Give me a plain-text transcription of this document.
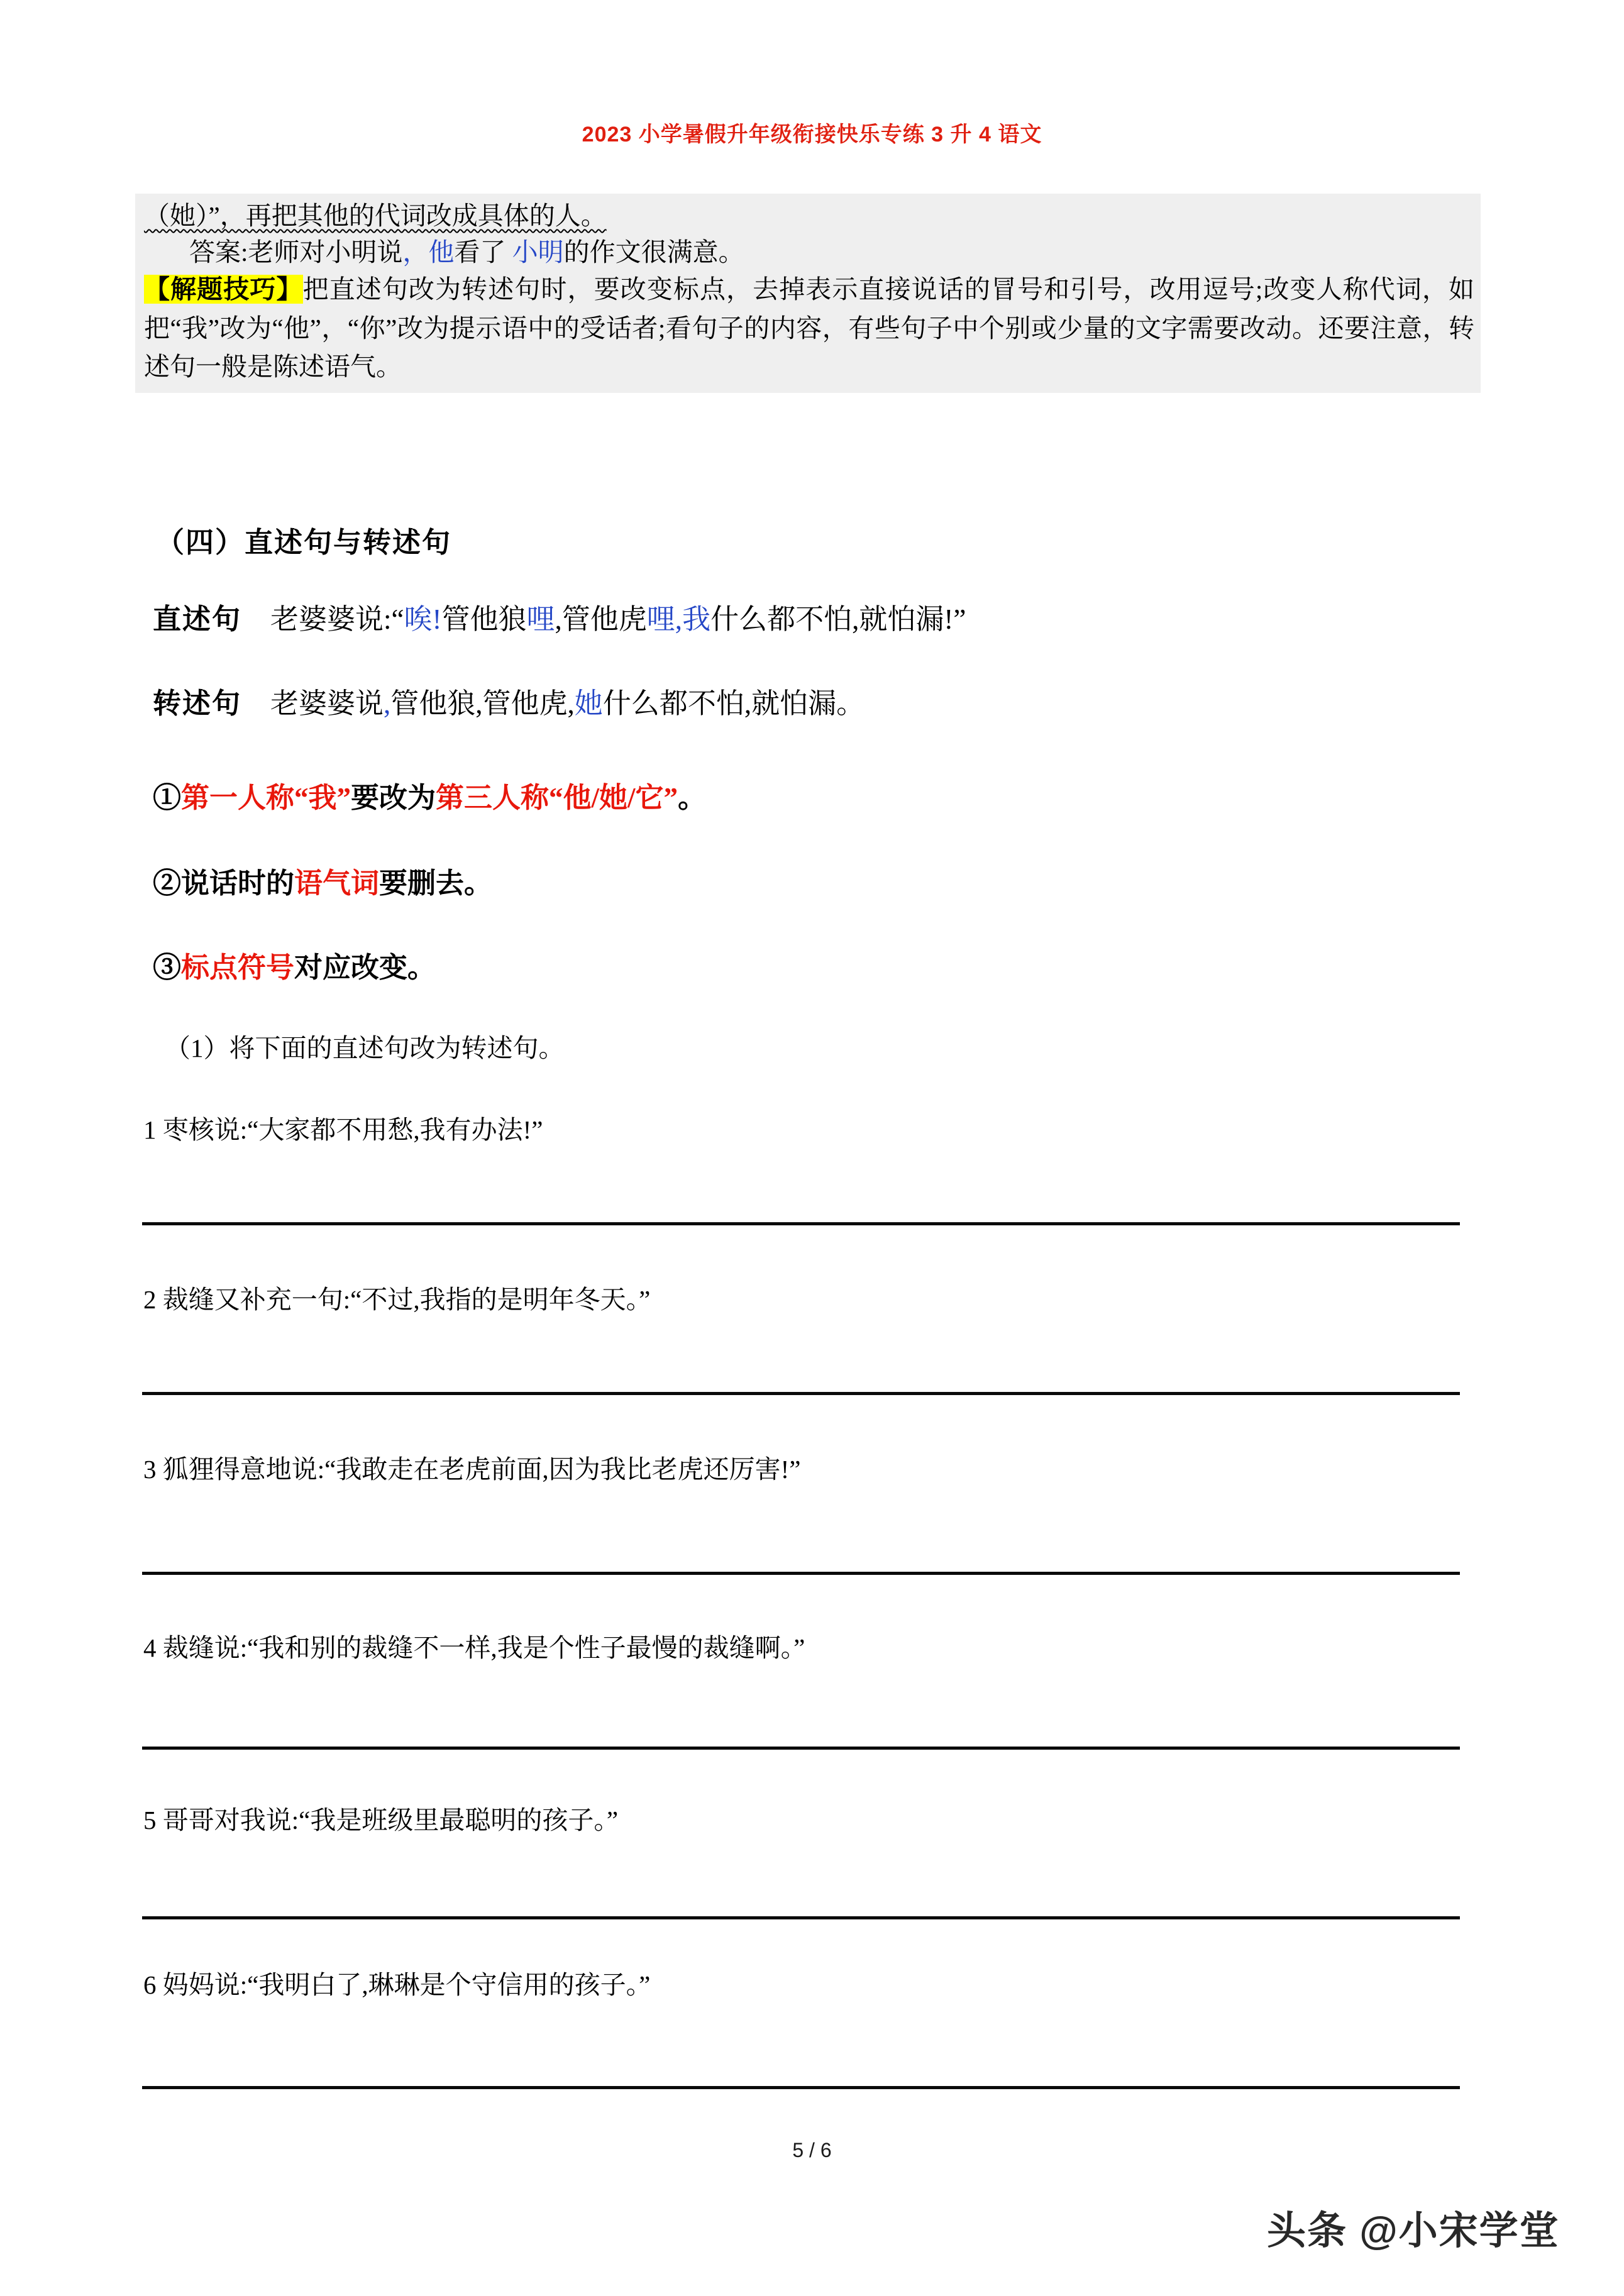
2023 小学暑假升年级衔接快乐专练 3 升 4 语文
（她）”，再把其他的代词改成具体的人。
答案:老师对小明说，他看了 小明的作文很满意。
【解题技巧】把直述句改为转述句时，要改变标点，去掉表示直接说话的冒号和引号，改用逗号;改变人称代词，如把“我”改为“他”，“你”改为提示语中的受话者;看句子的内容，有些句子中个别或少量的文字需要改动。还要注意，转述句一般是陈述语气。
（四）直述句与转述句
直述句 老婆婆说:“唉!管他狼哩,管他虎哩,我什么都不怕,就怕漏!”
转述句 老婆婆说,管他狼,管他虎,她什么都不怕,就怕漏。
①第一人称“我”要改为第三人称“他/她/它”。
②说话时的语气词要删去。
③标点符号对应改变。
（1）将下面的直述句改为转述句。
1 枣核说:“大家都不用愁,我有办法!”
2 裁缝又补充一句:“不过,我指的是明年冬天。”
3 狐狸得意地说:“我敢走在老虎前面,因为我比老虎还厉害!”
4 裁缝说:“我和别的裁缝不一样,我是个性子最慢的裁缝啊。”
5 哥哥对我说:“我是班级里最聪明的孩子。”
6 妈妈说:“我明白了,琳琳是个守信用的孩子。”
5 / 6
头条 @小宋学堂
